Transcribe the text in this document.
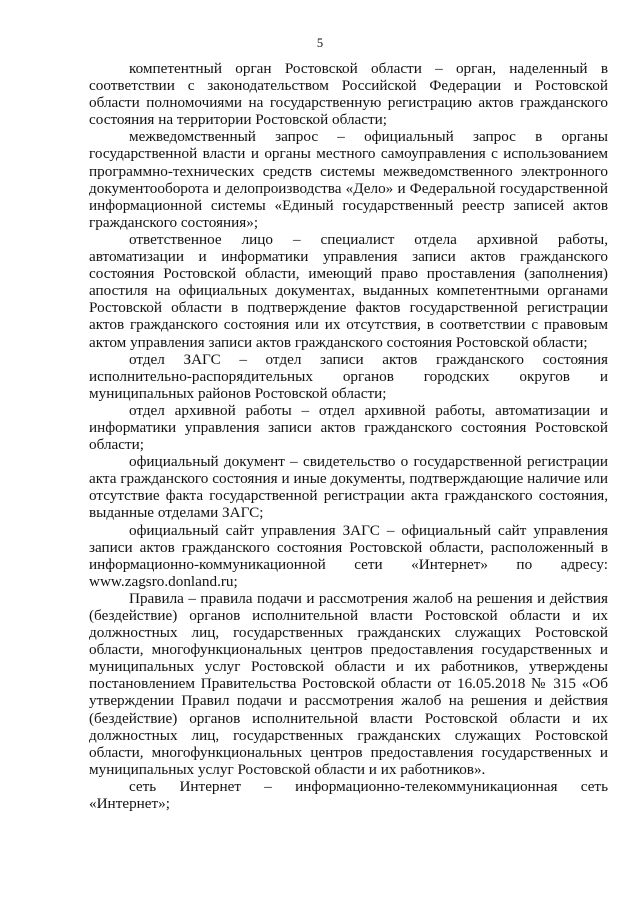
5

компетентный орган Ростовской области – орган, наделенный в соответствии с законодательством Российской Федерации и Ростовской области полномочиями на государственную регистрацию актов гражданского состояния на территории Ростовской области;

межведомственный запрос – официальный запрос в органы государственной власти и органы местного самоуправления с использованием программно-технических средств системы межведомственного электронного документооборота и делопроизводства «Дело» и Федеральной государственной информационной системы «Единый государственный реестр записей актов гражданского состояния»;

ответственное лицо – специалист отдела архивной работы, автоматизации и информатики управления записи актов гражданского состояния Ростовской области, имеющий право проставления (заполнения) апостиля на официальных документах, выданных компетентными органами Ростовской области в подтверждение фактов государственной регистрации актов гражданского состояния или их отсутствия, в соответствии с правовым актом управления записи актов гражданского состояния Ростовской области;

отдел ЗАГС – отдел записи актов гражданского состояния исполнительно-распорядительных органов городских округов и муниципальных районов Ростовской области;

отдел архивной работы – отдел архивной работы, автоматизации и информатики управления записи актов гражданского состояния Ростовской области;

официальный документ – свидетельство о государственной регистрации акта гражданского состояния и иные документы, подтверждающие наличие или отсутствие факта государственной регистрации акта гражданского состояния, выданные отделами ЗАГС;

официальный сайт управления ЗАГС – официальный сайт управления записи актов гражданского состояния Ростовской области, расположенный в информационно-коммуникационной сети «Интернет» по адресу: www.zagsro.donland.ru;

Правила – правила подачи и рассмотрения жалоб на решения и действия (бездействие) органов исполнительной власти Ростовской области и их должностных лиц, государственных гражданских служащих Ростовской области, многофункциональных центров предоставления государственных и муниципальных услуг Ростовской области и их работников, утверждены постановлением Правительства Ростовской области от 16.05.2018 № 315 «Об утверждении Правил подачи и рассмотрения жалоб на решения и действия (бездействие) органов исполнительной власти Ростовской области и их должностных лиц, государственных гражданских служащих Ростовской области, многофункциональных центров предоставления государственных и муниципальных услуг Ростовской области и их работников».

сеть Интернет – информационно-телекоммуникационная сеть «Интернет»;
